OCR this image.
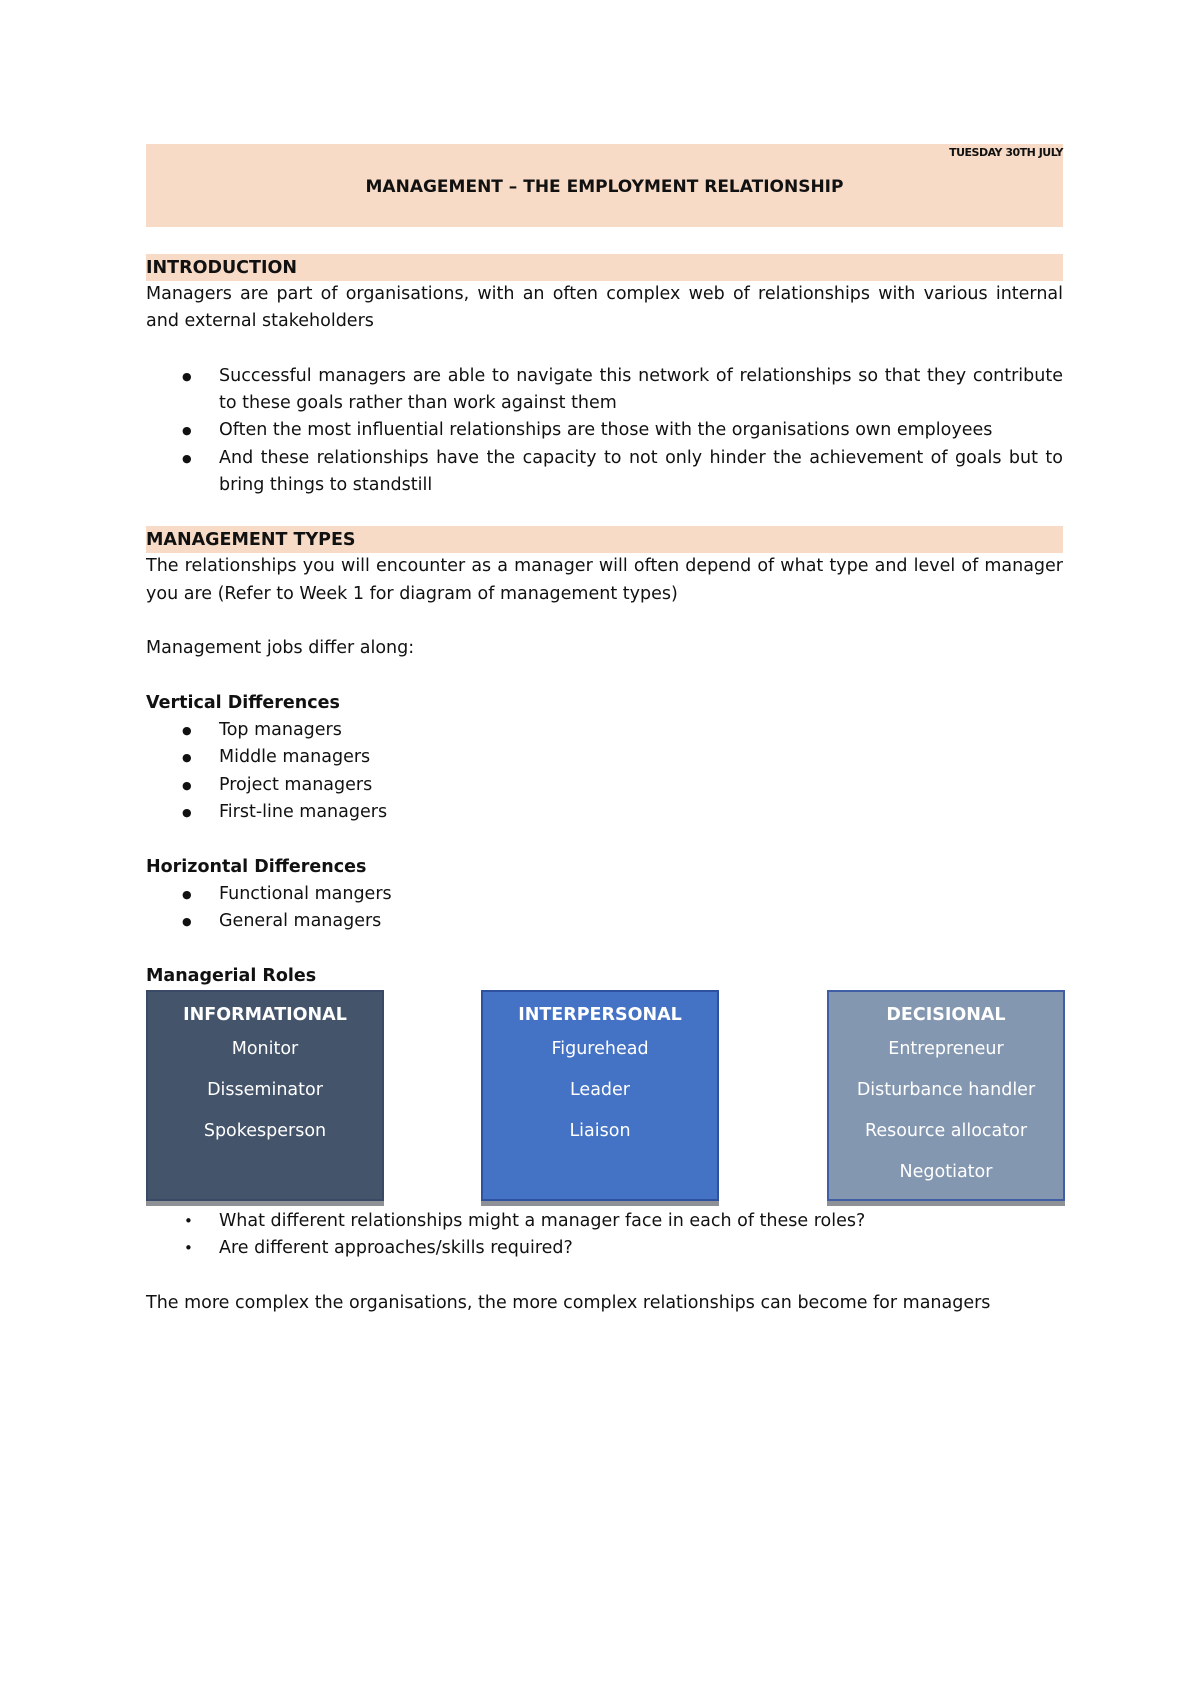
TUESDAY 30TH JULY
MANAGEMENT – THE EMPLOYMENT RELATIONSHIP
INTRODUCTION

Managers are part of organisations, with an often complex web of relationships with various internal and external stakeholders

● Successful managers are able to navigate this network of relationships so that they contribute to these goals rather than work against them
● Often the most influential relationships are those with the organisations own employees
● And these relationships have the capacity to not only hinder the achievement of goals but to bring things to standstill
MANAGEMENT TYPES

The relationships you will encounter as a manager will often depend of what type and level of manager you are (Refer to Week 1 for diagram of management types)

Management jobs differ along:

Vertical Differences

● Top managers
● Middle managers
● Project managers
● First-line managers

Horizontal Differences

● Functional mangers
● General managers

Managerial Roles

INFORMATIONAL
Monitor
Disseminator
Spokesperson
INTERPERSONAL
Figurehead
Leader
Liaison
DECISIONAL
Entrepreneur
Disturbance handler
Resource allocator
Negotiator
• What different relationships might a manager face in each of these roles?
• Are different approaches/skills required?

The more complex the organisations, the more complex relationships can become for managers
